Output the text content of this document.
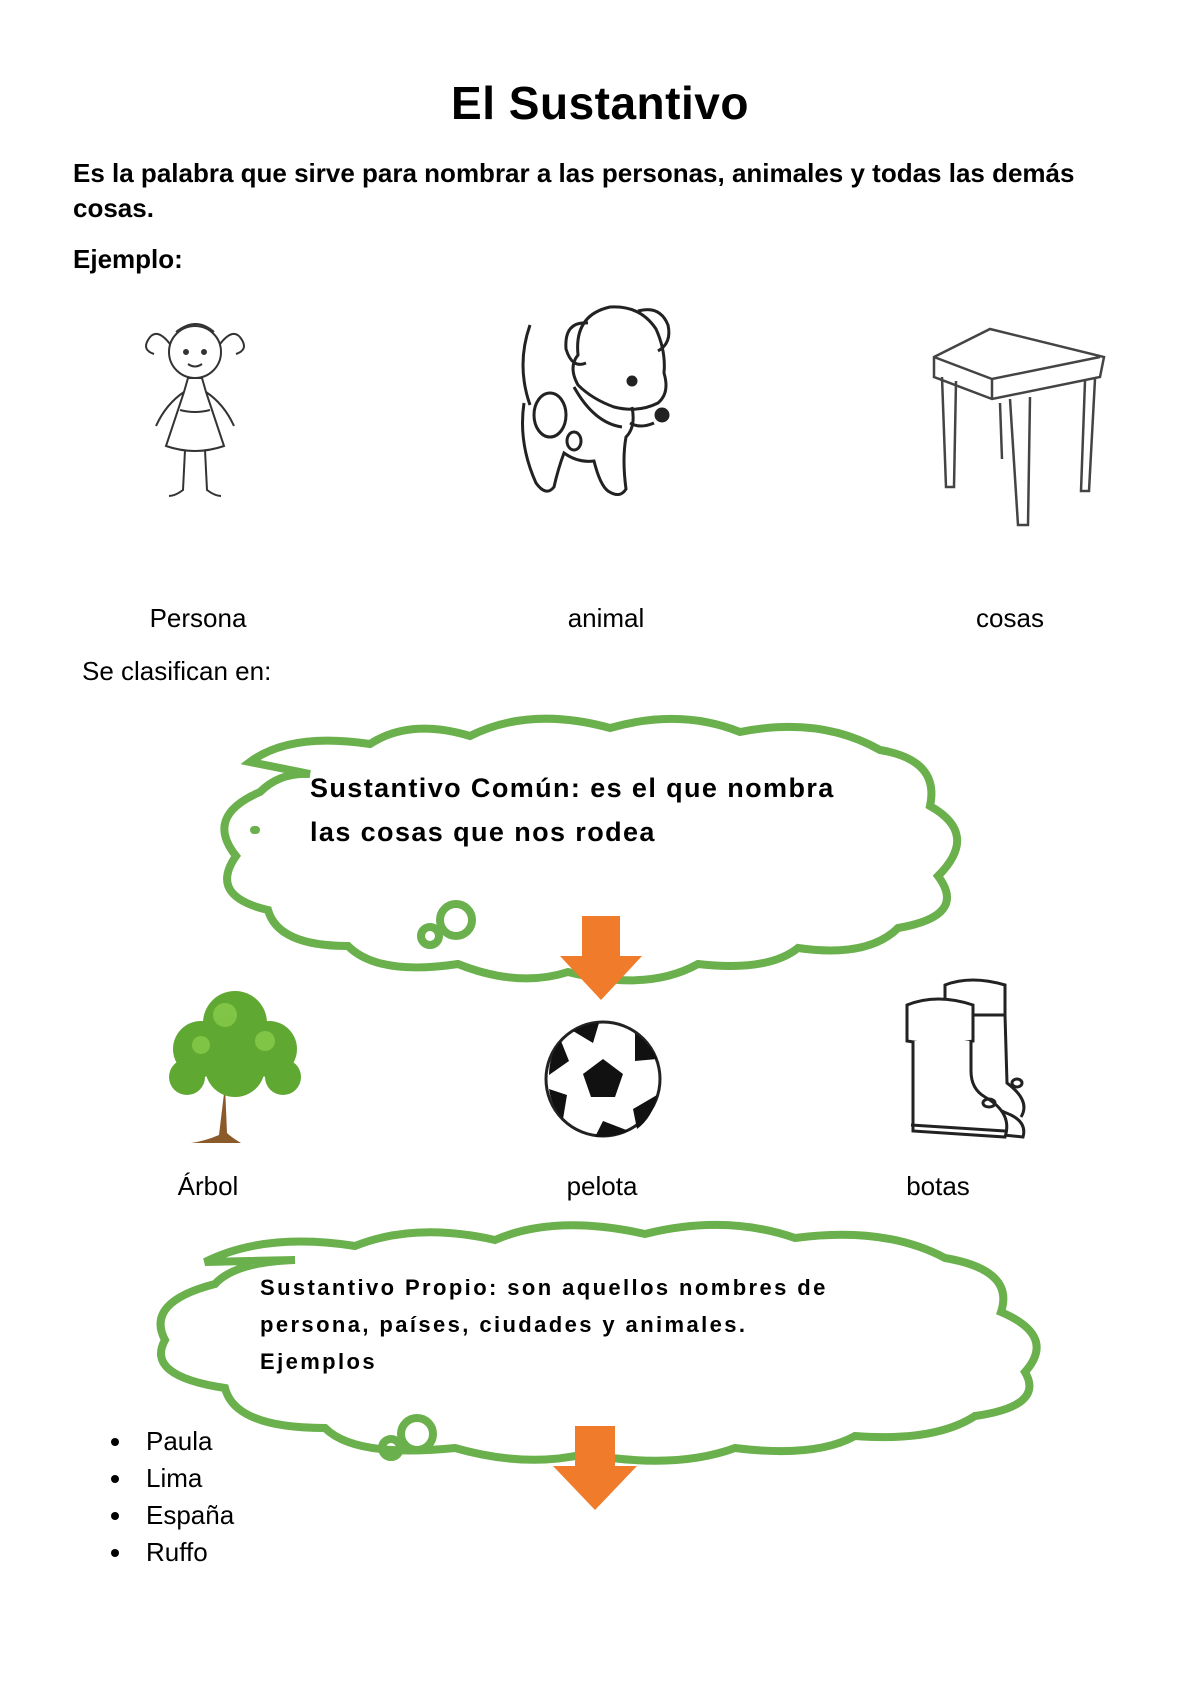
El Sustantivo
Es la palabra que sirve para nombrar a las personas, animales y todas las demás cosas.
Ejemplo:
Persona	animal	cosas
Se clasifican en:
Sustantivo Común: es el que nombra las cosas que nos rodea
Árbol	pelota	botas
Sustantivo Propio: son aquellos nombres de
persona, países, ciudades y animales.
Ejemplos
Paula
Lima
España
Ruffo
